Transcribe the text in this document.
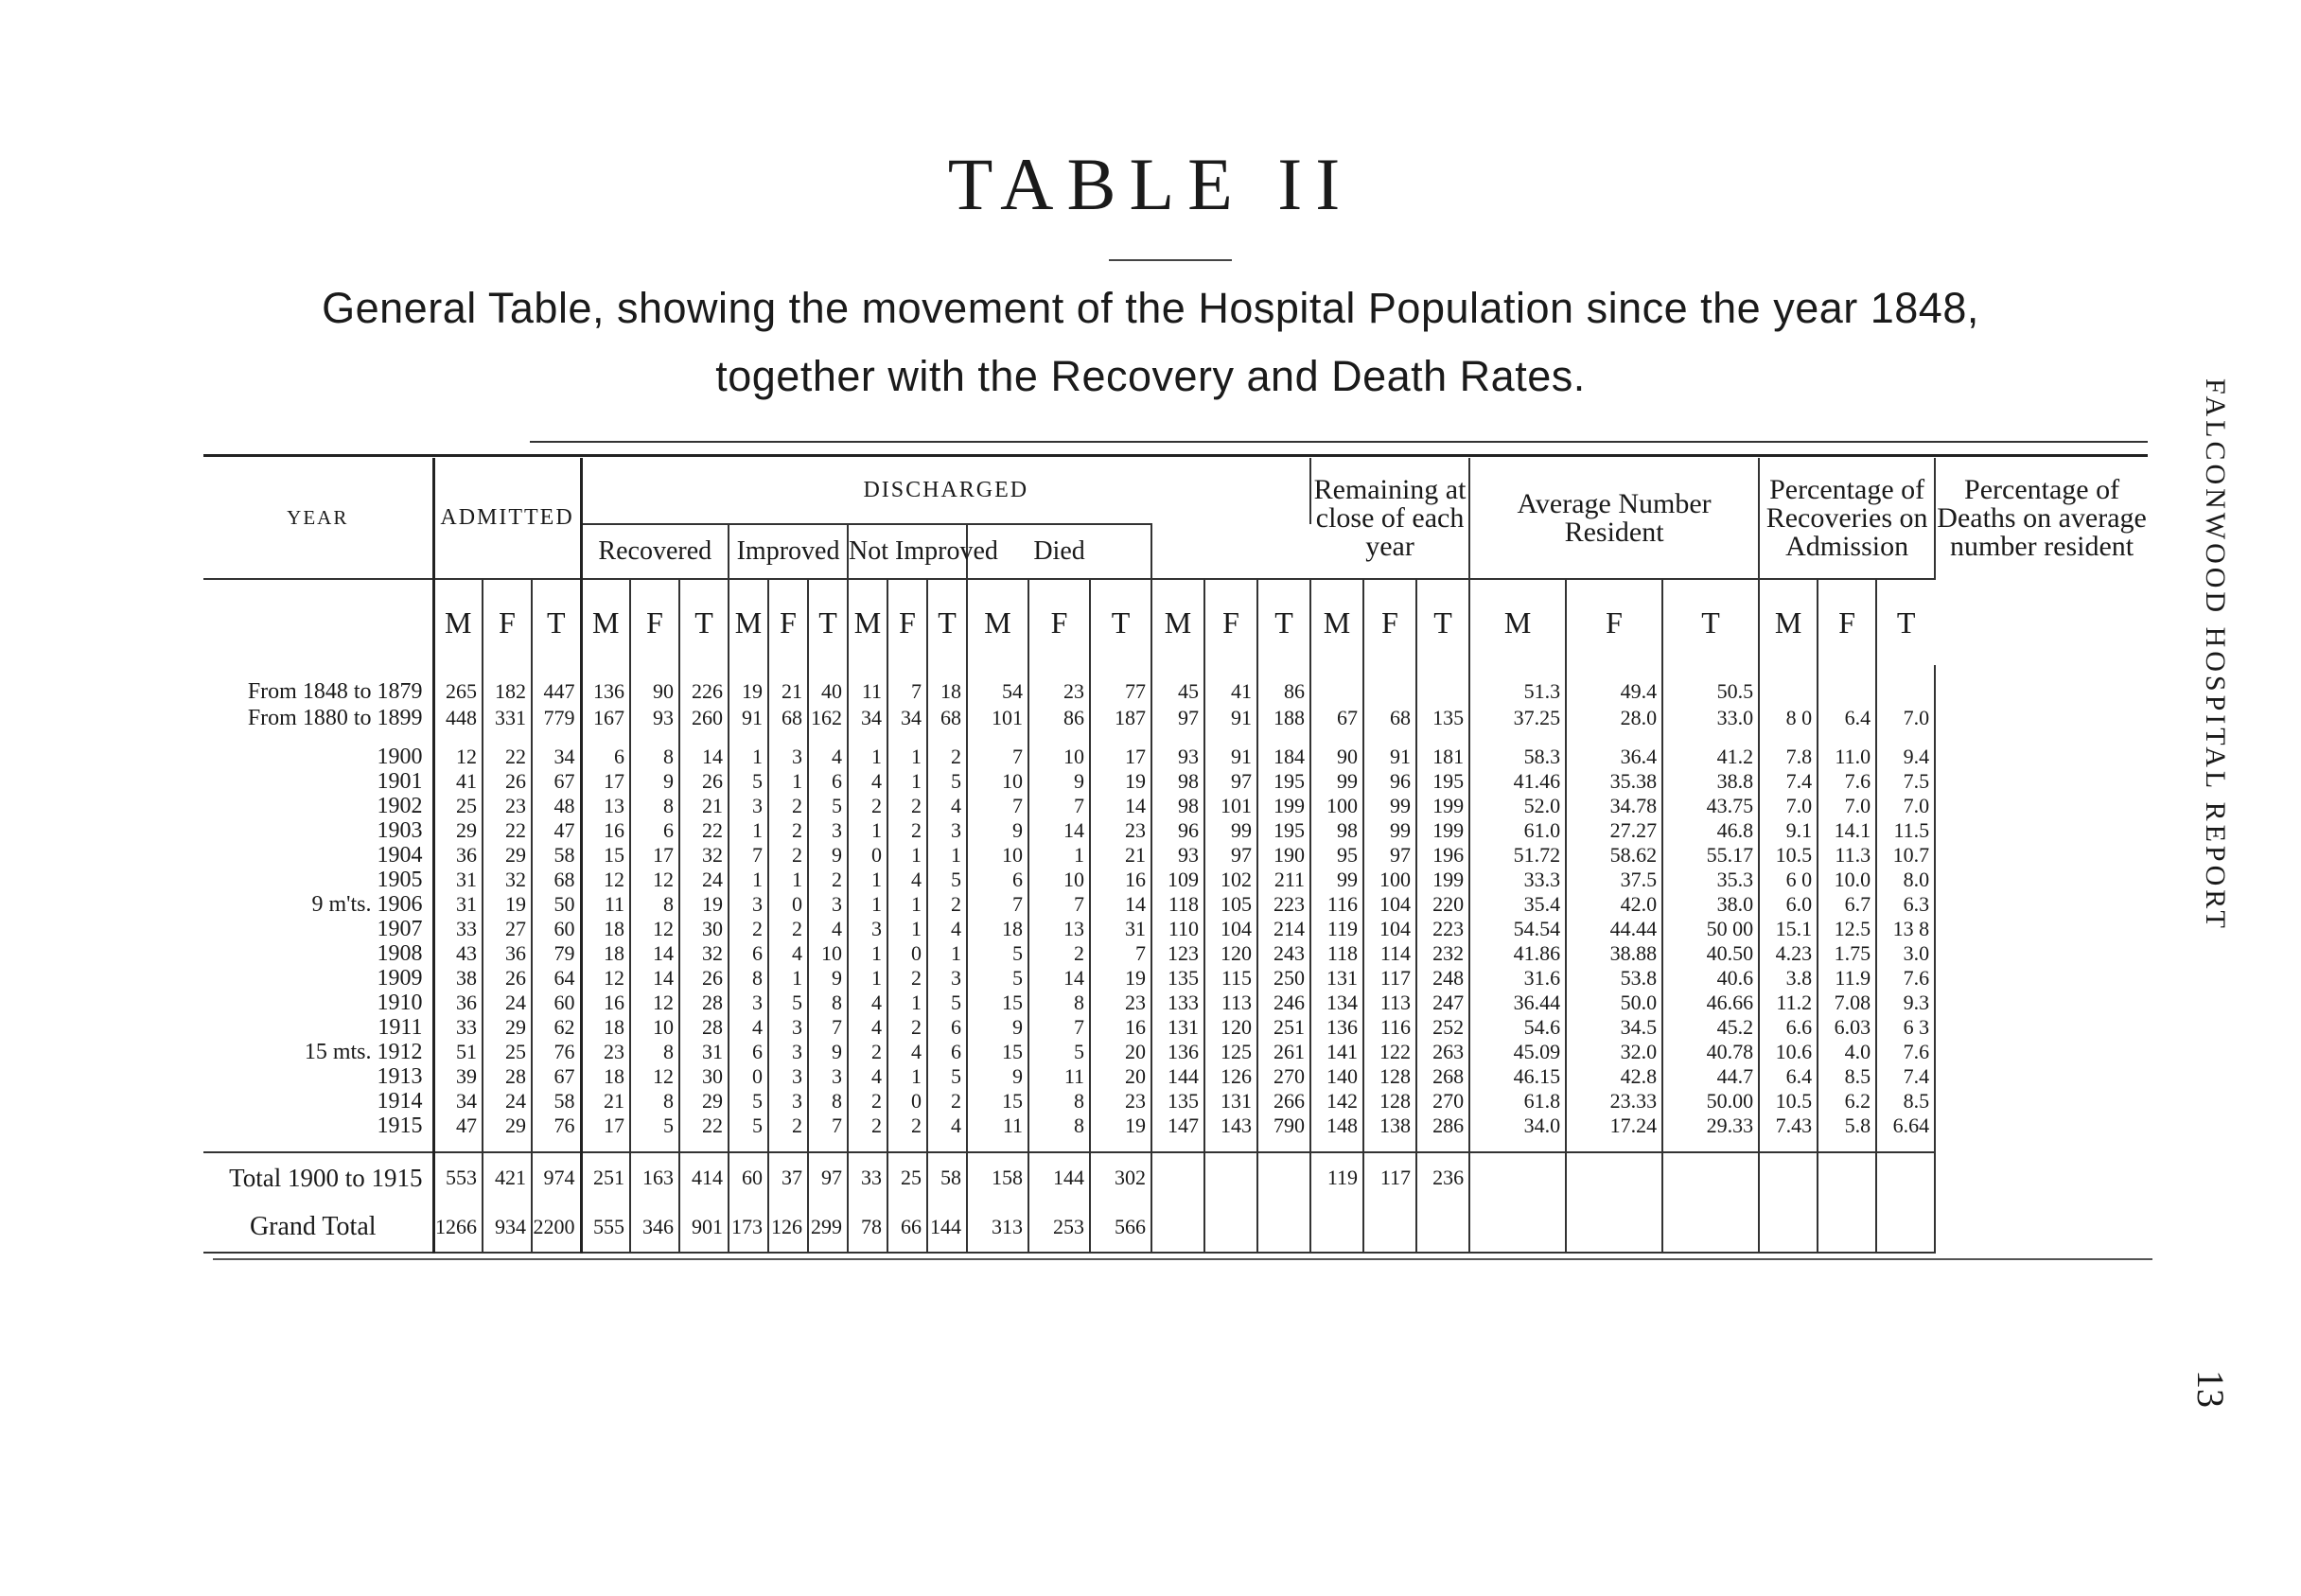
TABLE II
General Table, showing the movement of the Hospital Population since the year 1848,
together with the Recovery and Death Rates.
FALCONWOOD HOSPITAL REPORT
13
YEAR	ADMITTED			DISCHARGED															Remaining at close of each year			Average Number Resident			Percentage of Recoveries on Admission			Percentage of Deaths on average number resident
				Recovered			Improved			Not Improved			Died															
	M	F	T	M	F	T	M	F	T	M	F	T	M	F	T	M	F	T	M	F	T	M	F	T	M	F	T	

From 1848 to 1879	265	182	447	136	90	226	19	21	40	11	7	18	54	23	77	45	41	86				51.3	49.4	50.5				
From 1880 to 1899	448	331	779	167	93	260	91	68	162	34	34	68	101	86	187	97	91	188	67	68	135	37.25	28.0	33.0	8 0	6.4	7.0	

1900	12	22	34	6	8	14	1	3	4	1	1	2	7	10	17	93	91	184	90	91	181	58.3	36.4	41.2	7.8	11.0	9.4	
1901	41	26	67	17	9	26	5	1	6	4	1	5	10	9	19	98	97	195	99	96	195	41.46	35.38	38.8	7.4	7.6	7.5	
1902	25	23	48	13	8	21	3	2	5	2	2	4	7	7	14	98	101	199	100	99	199	52.0	34.78	43.75	7.0	7.0	7.0	
1903	29	22	47	16	6	22	1	2	3	1	2	3	9	14	23	96	99	195	98	99	199	61.0	27.27	46.8	9.1	14.1	11.5	
1904	36	29	58	15	17	32	7	2	9	0	1	1	10	1	21	93	97	190	95	97	196	51.72	58.62	55.17	10.5	11.3	10.7	
1905	31	32	68	12	12	24	1	1	2	1	4	5	6	10	16	109	102	211	99	100	199	33.3	37.5	35.3	6 0	10.0	8.0	
9 m'ts. 1906	31	19	50	11	8	19	3	0	3	1	1	2	7	7	14	118	105	223	116	104	220	35.4	42.0	38.0	6.0	6.7	6.3	
1907	33	27	60	18	12	30	2	2	4	3	1	4	18	13	31	110	104	214	119	104	223	54.54	44.44	50 00	15.1	12.5	13 8	
1908	43	36	79	18	14	32	6	4	10	1	0	1	5	2	7	123	120	243	118	114	232	41.86	38.88	40.50	4.23	1.75	3.0	
1909	38	26	64	12	14	26	8	1	9	1	2	3	5	14	19	135	115	250	131	117	248	31.6	53.8	40.6	3.8	11.9	7.6	
1910	36	24	60	16	12	28	3	5	8	4	1	5	15	8	23	133	113	246	134	113	247	36.44	50.0	46.66	11.2	7.08	9.3	
1911	33	29	62	18	10	28	4	3	7	4	2	6	9	7	16	131	120	251	136	116	252	54.6	34.5	45.2	6.6	6.03	6 3	
15 mts. 1912	51	25	76	23	8	31	6	3	9	2	4	6	15	5	20	136	125	261	141	122	263	45.09	32.0	40.78	10.6	4.0	7.6	
1913	39	28	67	18	12	30	0	3	3	4	1	5	9	11	20	144	126	270	140	128	268	46.15	42.8	44.7	6.4	8.5	7.4	
1914	34	24	58	21	8	29	5	3	8	2	0	2	15	8	23	135	131	266	142	128	270	61.8	23.33	50.00	10.5	6.2	8.5	
1915	47	29	76	17	5	22	5	2	7	2	2	4	11	8	19	147	143	790	148	138	286	34.0	17.24	29.33	7.43	5.8	6.64	

Total 1900 to 1915	553	421	974	251	163	414	60	37	97	33	25	58	158	144	302				119	117	236							
Grand Total	1266	934	2200	555	346	901	173	126	299	78	66	144	313	253	566													
